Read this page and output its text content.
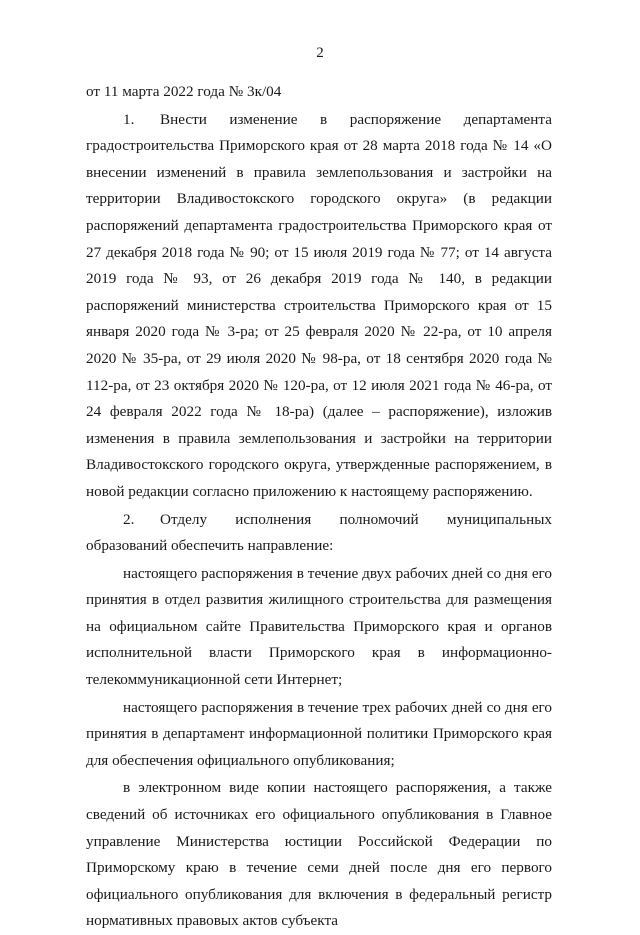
2

от 11 марта 2022 года № 3к/04

1. Внести изменение в распоряжение департамента градостроительства Приморского края от 28 марта 2018 года № 14 «О внесении изменений в правила землепользования и застройки на территории Владивостокского городского округа» (в редакции распоряжений департамента градостроительства Приморского края от 27 декабря 2018 года № 90; от 15 июля 2019 года № 77; от 14 августа 2019 года № 93, от 26 декабря 2019 года № 140, в редакции распоряжений министерства строительства Приморского края от 15 января 2020 года № 3-ра; от 25 февраля 2020 № 22-ра, от 10 апреля 2020 № 35-ра, от 29 июля 2020 № 98-ра, от 18 сентября 2020 года № 112-ра, от 23 октября 2020 № 120-ра, от 12 июля 2021 года № 46-ра, от 24 февраля 2022 года № 18-ра) (далее – распоряжение), изложив изменения в правила землепользования и застройки на территории Владивостокского городского округа, утвержденные распоряжением, в новой редакции согласно приложению к настоящему распоряжению.

2. Отделу исполнения полномочий муниципальных образований обеспечить направление:

настоящего распоряжения в течение двух рабочих дней со дня его принятия в отдел развития жилищного строительства для размещения на официальном сайте Правительства Приморского края и органов исполнительной власти Приморского края в информационно-телекоммуникационной сети Интернет;

настоящего распоряжения в течение трех рабочих дней со дня его принятия в департамент информационной политики Приморского края для обеспечения официального опубликования;

в электронном виде копии настоящего распоряжения, а также сведений об источниках его официального опубликования в Главное управление Министерства юстиции Российской Федерации по Приморскому краю в течение семи дней после дня его первого официального опубликования для включения в федеральный регистр нормативных правовых актов субъекта
